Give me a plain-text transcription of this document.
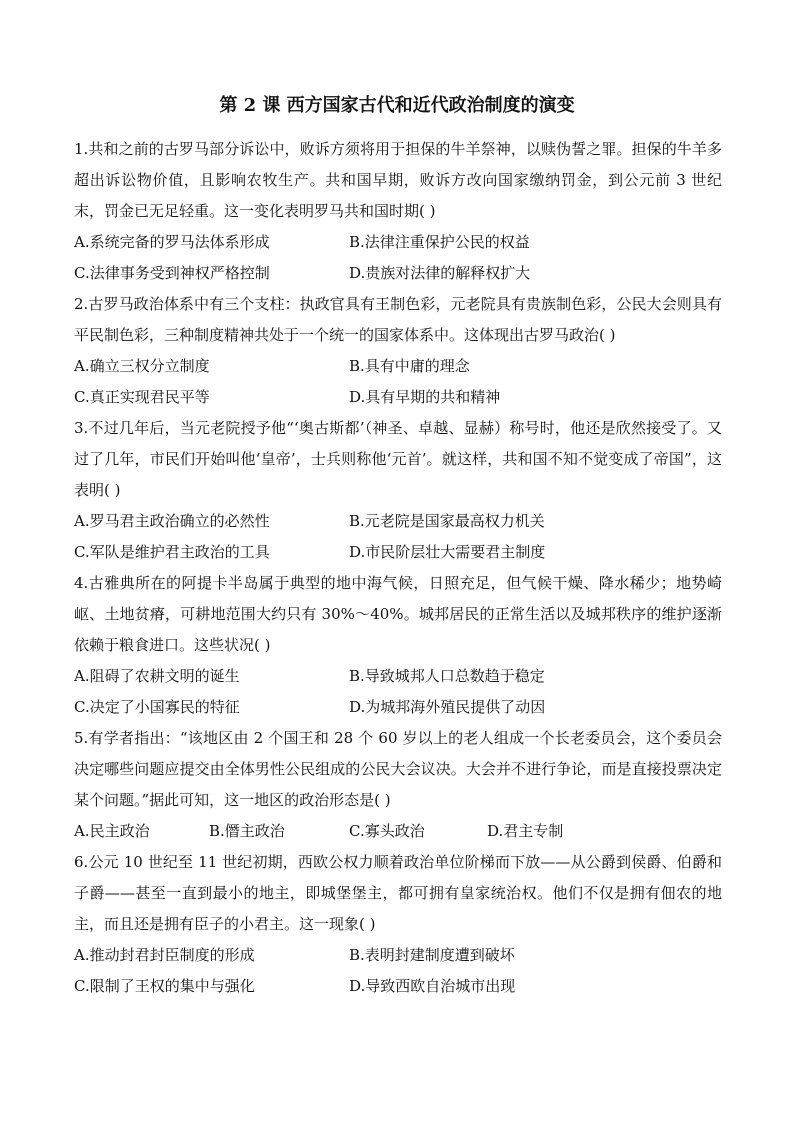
第 2 课 西方国家古代和近代政治制度的演变
1.共和之前的古罗马部分诉讼中，败诉方须将用于担保的牛羊祭神，以赎伪誓之罪。担保的牛羊多超出诉讼物价值，且影响农牧生产。共和国早期，败诉方改向国家缴纳罚金，到公元前 3 世纪末，罚金已无足轻重。这一变化表明罗马共和国时期( )
A.系统完备的罗马法体系形成	B.法律注重保护公民的权益
C.法律事务受到神权严格控制	D.贵族对法律的解释权扩大
2.古罗马政治体系中有三个支柱：执政官具有王制色彩，元老院具有贵族制色彩，公民大会则具有平民制色彩，三种制度精神共处于一个统一的国家体系中。这体现出古罗马政治( )
A.确立三权分立制度	B.具有中庸的理念
C.真正实现君民平等	D.具有早期的共和精神
3.不过几年后，当元老院授予他“‘奥古斯都’（神圣、卓越、显赫）称号时，他还是欣然接受了。又过了几年，市民们开始叫他‘皇帝’，士兵则称他‘元首’。就这样，共和国不知不觉变成了帝国”，这表明( )
A.罗马君主政治确立的必然性	B.元老院是国家最高权力机关
C.军队是维护君主政治的工具	D.市民阶层壮大需要君主制度
4.古雅典所在的阿提卡半岛属于典型的地中海气候，日照充足，但气候干燥、降水稀少；地势崎岖、土地贫瘠，可耕地范围大约只有 30%～40%。城邦居民的正常生活以及城邦秩序的维护逐渐依赖于粮食进口。这些状况( )
A.阻碍了农耕文明的诞生	B.导致城邦人口总数趋于稳定
C.决定了小国寡民的特征	D.为城邦海外殖民提供了动因
5.有学者指出：“该地区由 2 个国王和 28 个 60 岁以上的老人组成一个长老委员会，这个委员会决定哪些问题应提交由全体男性公民组成的公民大会议决。大会并不进行争论，而是直接投票决定某个问题。”据此可知，这一地区的政治形态是( )
A.民主政治	B.僭主政治	C.寡头政治	D.君主专制
6.公元 10 世纪至 11 世纪初期，西欧公权力顺着政治单位阶梯而下放——从公爵到侯爵、伯爵和子爵——甚至一直到最小的地主，即城堡堡主，都可拥有皇家统治权。他们不仅是拥有佃农的地主，而且还是拥有臣子的小君主。这一现象( )
A.推动封君封臣制度的形成	B.表明封建制度遭到破坏
C.限制了王权的集中与强化	D.导致西欧自治城市出现
